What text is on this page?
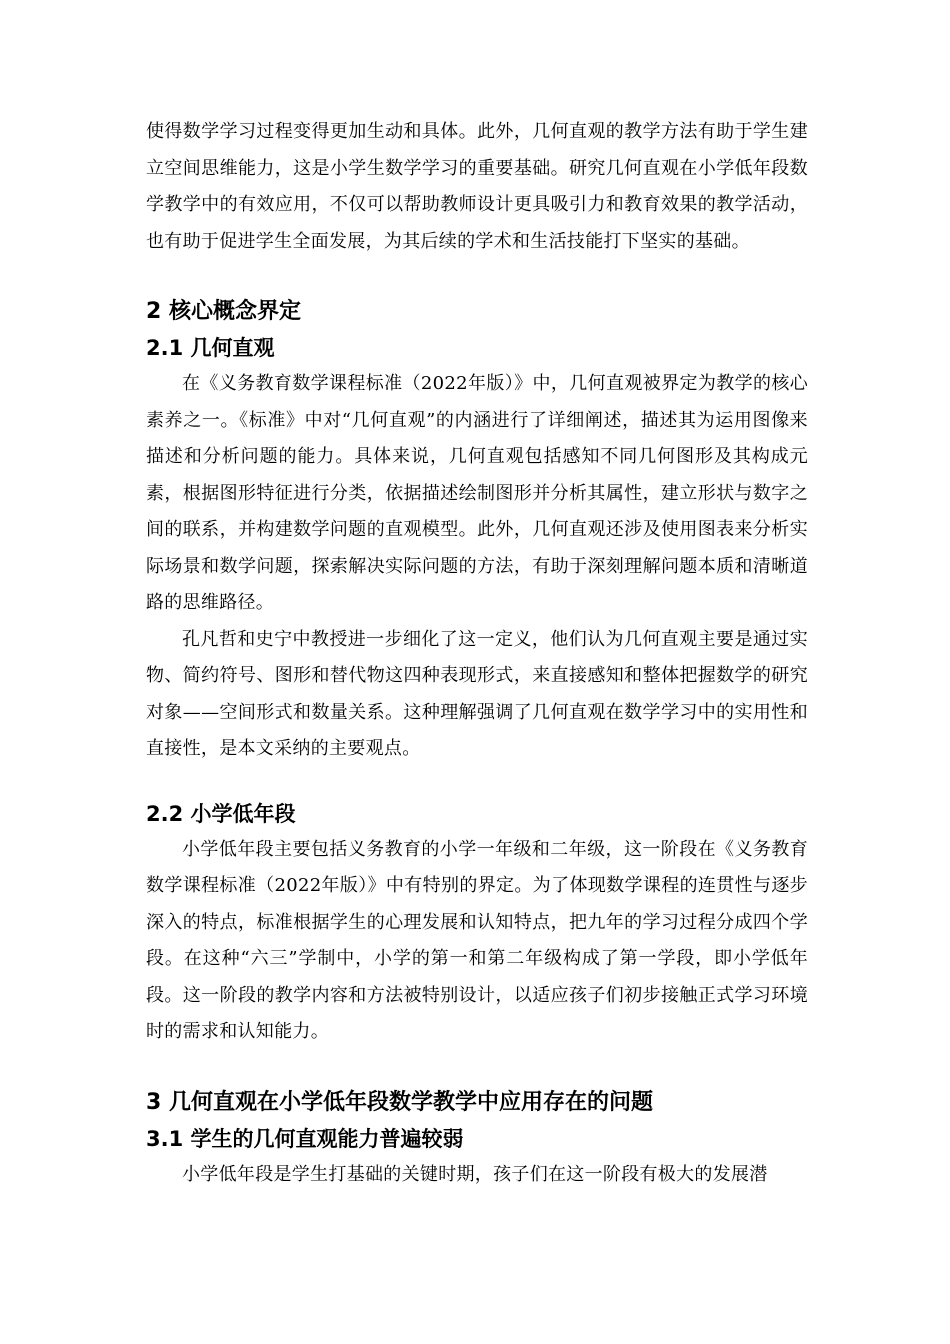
使得数学学习过程变得更加生动和具体。此外，几何直观的教学方法有助于学生建立空间思维能力，这是小学生数学学习的重要基础。研究几何直观在小学低年段数学教学中的有效应用，不仅可以帮助教师设计更具吸引力和教育效果的教学活动，也有助于促进学生全面发展，为其后续的学术和生活技能打下坚实的基础。

2 核心概念界定
2.1 几何直观

在《义务教育数学课程标准（2022年版）》中，几何直观被界定为教学的核心素养之一。《标准》中对“几何直观”的内涵进行了详细阐述，描述其为运用图像来描述和分析问题的能力。具体来说，几何直观包括感知不同几何图形及其构成元素，根据图形特征进行分类，依据描述绘制图形并分析其属性，建立形状与数字之间的联系，并构建数学问题的直观模型。此外，几何直观还涉及使用图表来分析实际场景和数学问题，探索解决实际问题的方法，有助于深刻理解问题本质和清晰道路的思维路径。

孔凡哲和史宁中教授进一步细化了这一定义，他们认为几何直观主要是通过实物、简约符号、图形和替代物这四种表现形式，来直接感知和整体把握数学的研究对象——空间形式和数量关系。这种理解强调了几何直观在数学学习中的实用性和直接性，是本文采纳的主要观点。

2.2 小学低年段

小学低年段主要包括义务教育的小学一年级和二年级，这一阶段在《义务教育数学课程标准（2022年版）》中有特别的界定。为了体现数学课程的连贯性与逐步深入的特点，标准根据学生的心理发展和认知特点，把九年的学习过程分成四个学段。在这种“六三”学制中，小学的第一和第二年级构成了第一学段，即小学低年段。这一阶段的教学内容和方法被特别设计，以适应孩子们初步接触正式学习环境时的需求和认知能力。

3 几何直观在小学低年段数学教学中应用存在的问题
3.1 学生的几何直观能力普遍较弱

小学低年段是学生打基础的关键时期，孩子们在这一阶段有极大的发展潜
